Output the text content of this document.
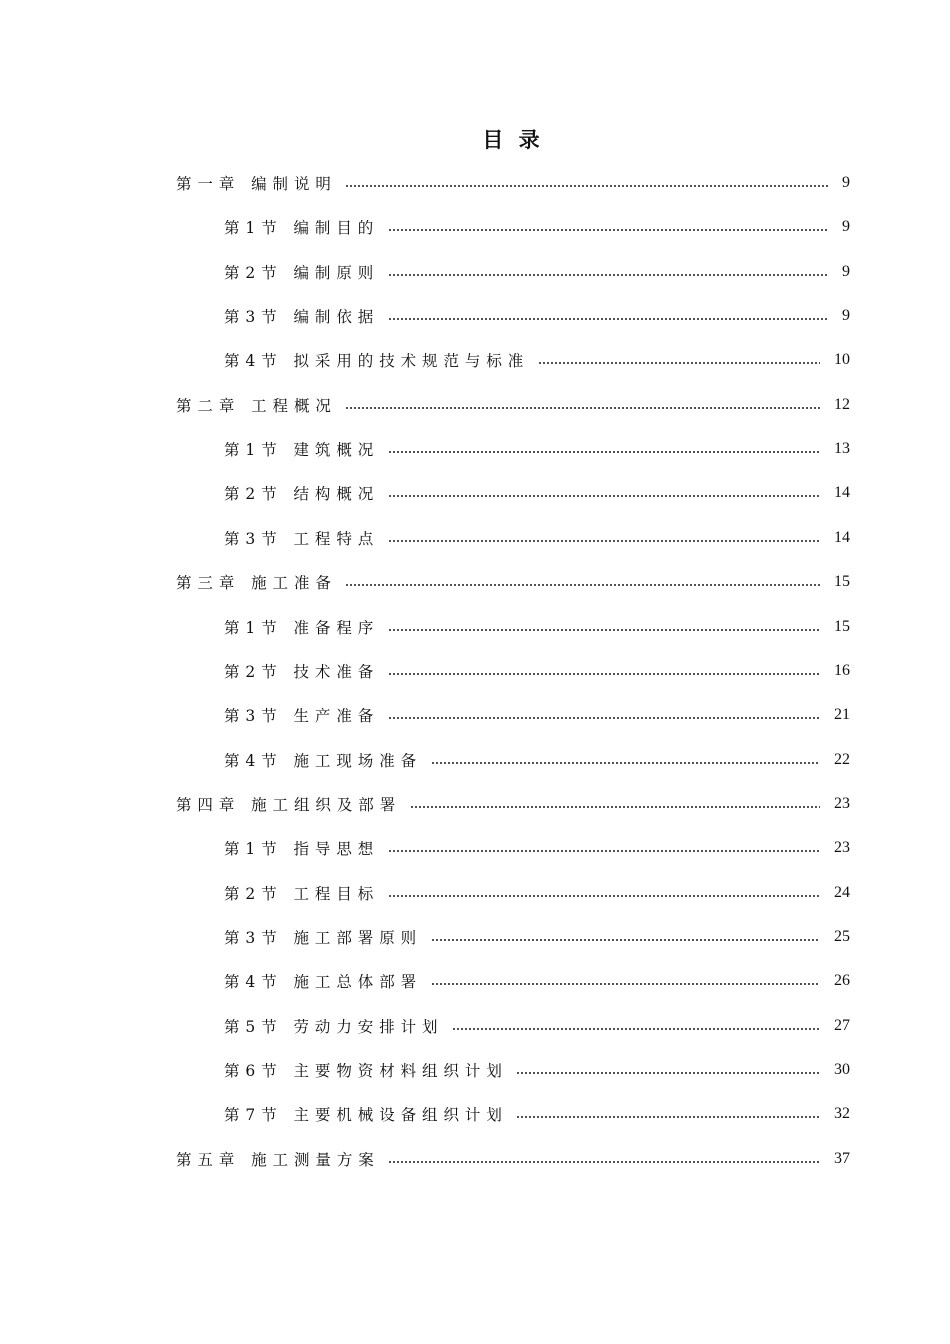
目 录
第 一 章   编 制 说 明	9
第 1 节   编 制 目 的	9
第 2 节   编 制 原 则	9
第 3 节   编 制 依 据	9
第 4 节   拟 采 用 的 技 术 规 范 与 标 准	10
第 二 章   工 程 概 况	12
第 1 节   建 筑 概 况	13
第 2 节   结 构 概 况	14
第 3 节   工 程 特 点	14
第 三 章   施 工 准 备	15
第 1 节   准 备 程 序	15
第 2 节   技 术 准 备	16
第 3 节   生 产 准 备	21
第 4 节   施 工 现 场 准 备	22
第 四 章   施 工 组 织 及 部 署	23
第 1 节   指 导 思 想	23
第 2 节   工 程 目 标	24
第 3 节   施 工 部 署 原 则	25
第 4 节   施 工 总 体 部 署	26
第 5 节   劳 动 力 安 排 计 划	27
第 6 节   主 要 物 资 材 料 组 织 计 划	30
第 7 节   主 要 机 械 设 备 组 织 计 划	32
第 五 章   施 工 测 量 方 案	37
